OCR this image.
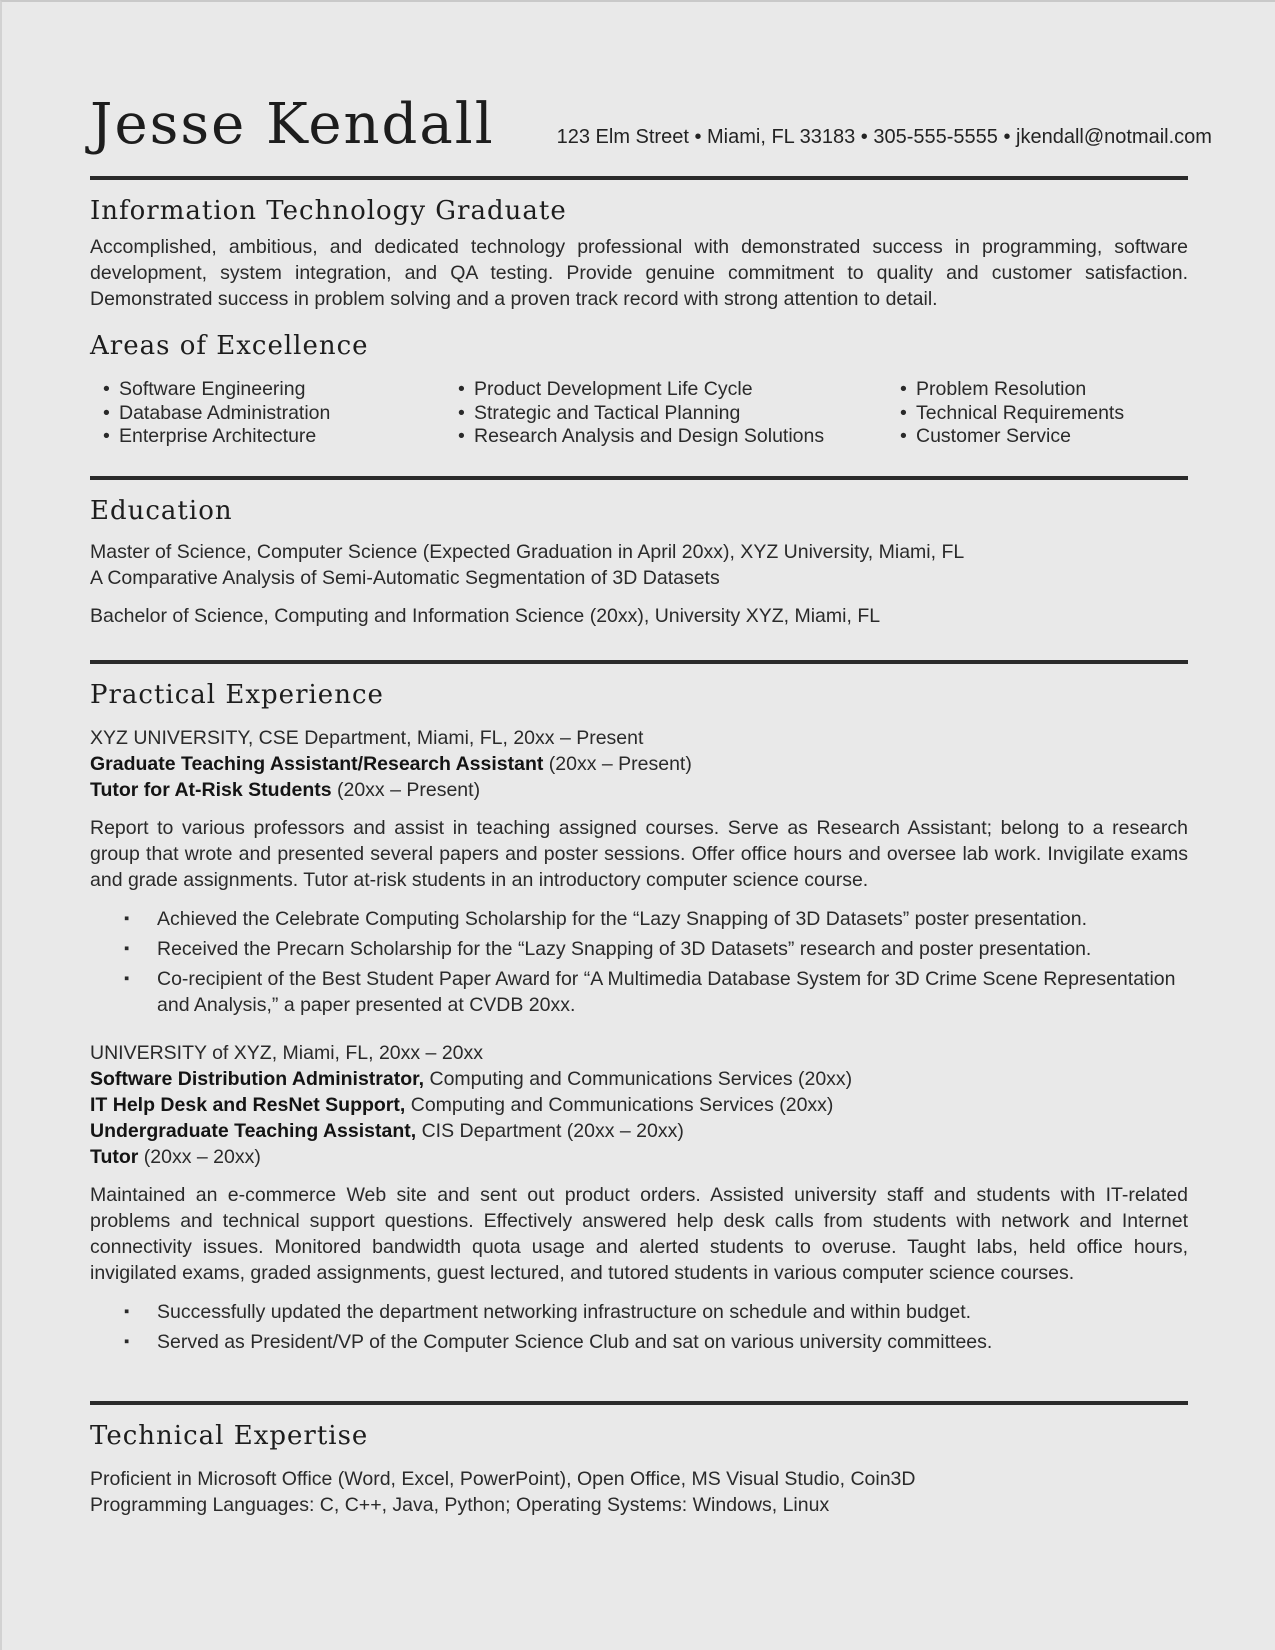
Jesse Kendall	123 Elm Street • Miami, FL 33183 • 305-555-5555 • jkendall@notmail.com
Information Technology Graduate
Accomplished, ambitious, and dedicated technology professional with demonstrated success in programming, software development, system integration, and QA testing. Provide genuine commitment to quality and customer satisfaction. Demonstrated success in problem solving and a proven track record with strong attention to detail.
Areas of Excellence
• Software Engineering
• Database Administration
• Enterprise Architecture
• Product Development Life Cycle
• Strategic and Tactical Planning
• Research Analysis and Design Solutions
• Problem Resolution
• Technical Requirements
• Customer Service
Education
Master of Science, Computer Science (Expected Graduation in April 20xx), XYZ University, Miami, FL
A Comparative Analysis of Semi-Automatic Segmentation of 3D Datasets
Bachelor of Science, Computing and Information Science (20xx), University XYZ, Miami, FL
Practical Experience
XYZ UNIVERSITY, CSE Department, Miami, FL, 20xx – Present
Graduate Teaching Assistant/Research Assistant (20xx – Present)
Tutor for At-Risk Students (20xx – Present)
Report to various professors and assist in teaching assigned courses. Serve as Research Assistant; belong to a research group that wrote and presented several papers and poster sessions. Offer office hours and oversee lab work. Invigilate exams and grade assignments. Tutor at-risk students in an introductory computer science course.
▪ Achieved the Celebrate Computing Scholarship for the “Lazy Snapping of 3D Datasets” poster presentation.
▪ Received the Precarn Scholarship for the “Lazy Snapping of 3D Datasets” research and poster presentation.
▪ Co-recipient of the Best Student Paper Award for “A Multimedia Database System for 3D Crime Scene Representation and Analysis,” a paper presented at CVDB 20xx.
UNIVERSITY of XYZ, Miami, FL, 20xx – 20xx
Software Distribution Administrator, Computing and Communications Services (20xx)
IT Help Desk and ResNet Support, Computing and Communications Services (20xx)
Undergraduate Teaching Assistant, CIS Department (20xx – 20xx)
Tutor (20xx – 20xx)
Maintained an e-commerce Web site and sent out product orders. Assisted university staff and students with IT-related problems and technical support questions. Effectively answered help desk calls from students with network and Internet connectivity issues. Monitored bandwidth quota usage and alerted students to overuse. Taught labs, held office hours, invigilated exams, graded assignments, guest lectured, and tutored students in various computer science courses.
▪ Successfully updated the department networking infrastructure on schedule and within budget.
▪ Served as President/VP of the Computer Science Club and sat on various university committees.
Technical Expertise
Proficient in Microsoft Office (Word, Excel, PowerPoint), Open Office, MS Visual Studio, Coin3D
Programming Languages: C, C++, Java, Python; Operating Systems: Windows, Linux
